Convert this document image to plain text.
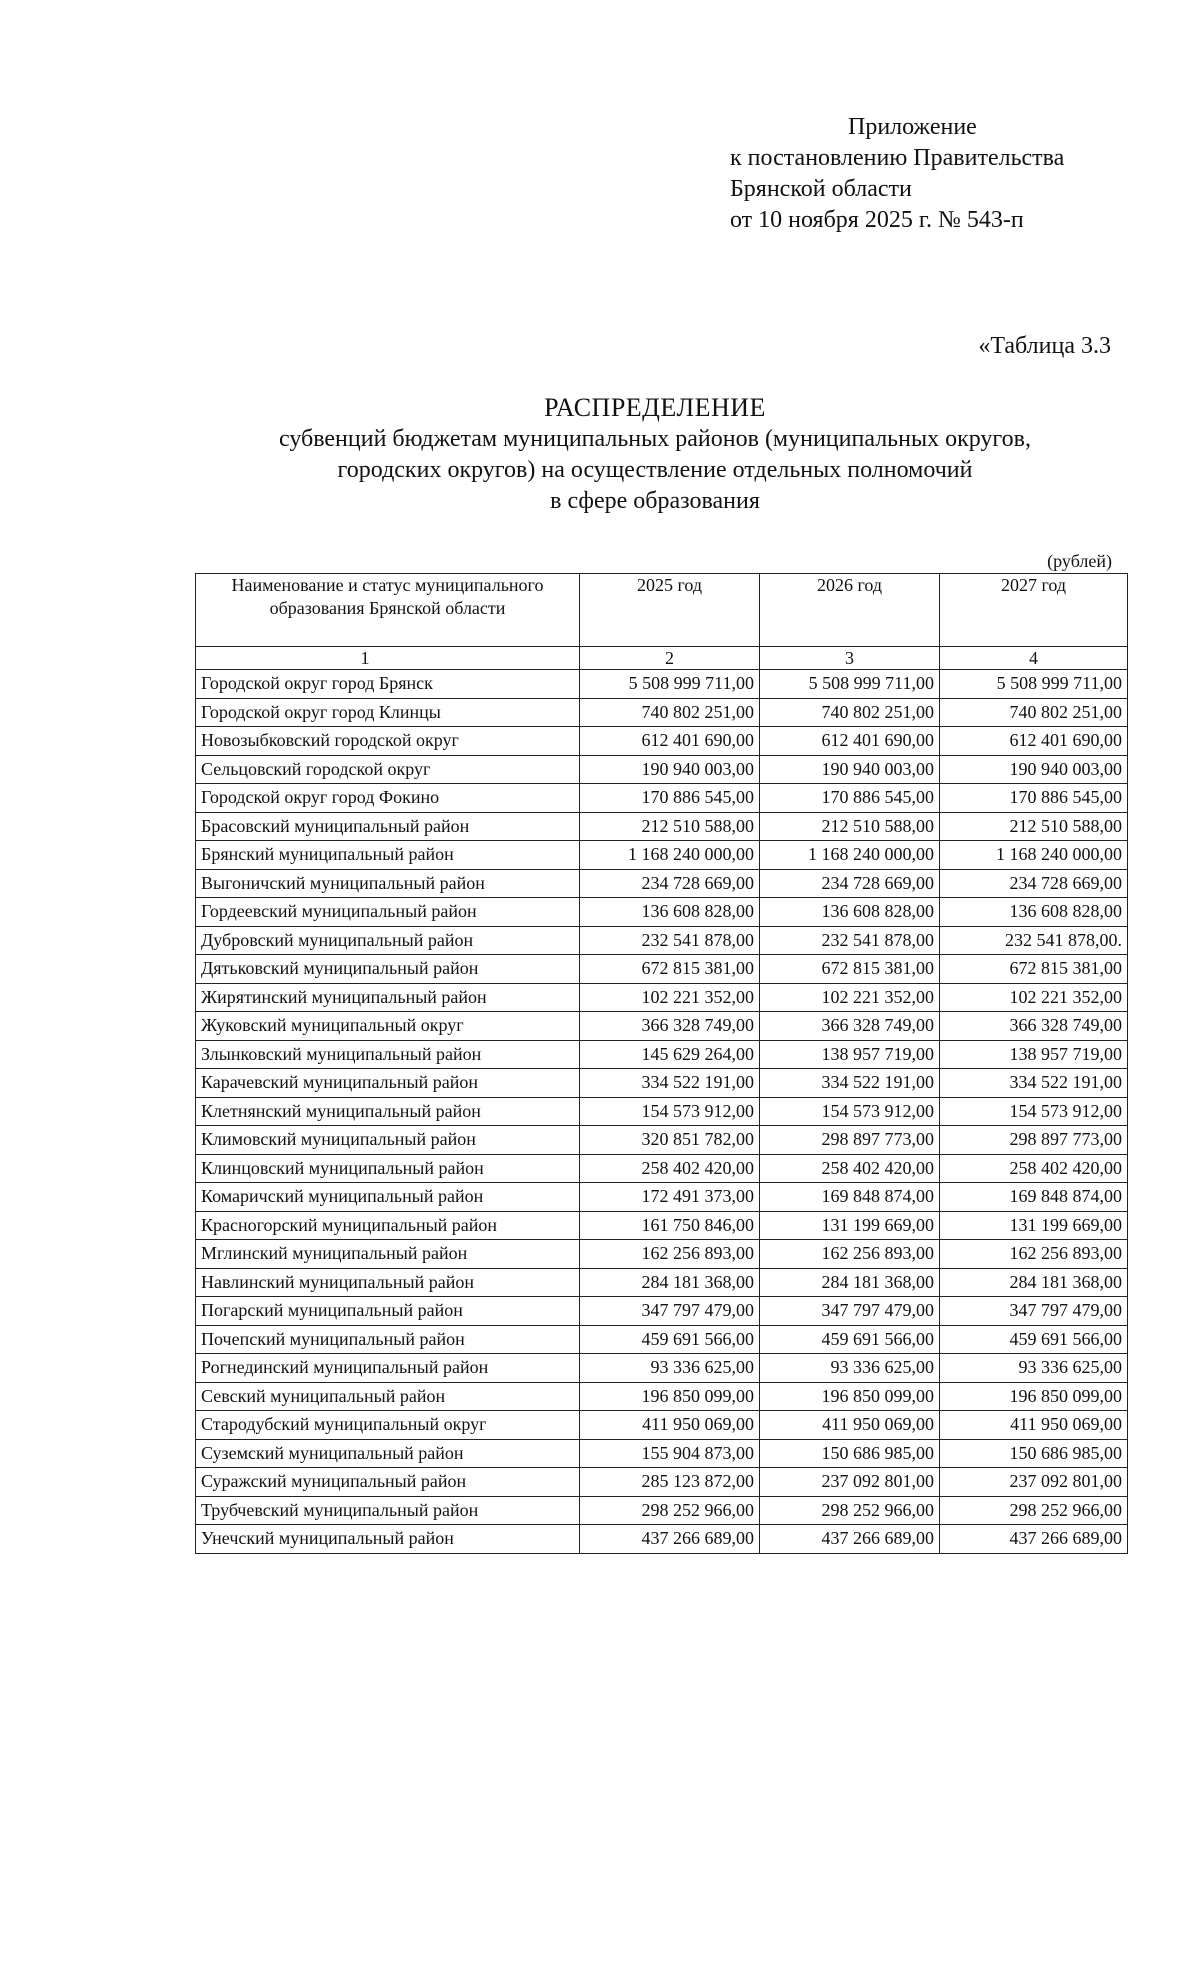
Приложение
к постановлению Правительства
Брянской области
от 10 ноября 2025 г. № 543-п
«Таблица 3.3
РАСПРЕДЕЛЕНИЕ
субвенций бюджетам муниципальных районов (муниципальных округов,
городских округов) на осуществление отдельных полномочий
в сфере образования
(рублей)
Наименование и статус муниципального образования Брянской области	2025 год	2026 год	2027 год
1	2	3	4
Городской округ город Брянск	5 508 999 711,00	5 508 999 711,00	5 508 999 711,00
Городской округ город Клинцы	740 802 251,00	740 802 251,00	740 802 251,00
Новозыбковский городской округ	612 401 690,00	612 401 690,00	612 401 690,00
Сельцовский городской округ	190 940 003,00	190 940 003,00	190 940 003,00
Городской округ город Фокино	170 886 545,00	170 886 545,00	170 886 545,00
Брасовский муниципальный район	212 510 588,00	212 510 588,00	212 510 588,00
Брянский муниципальный район	1 168 240 000,00	1 168 240 000,00	1 168 240 000,00
Выгоничский муниципальный район	234 728 669,00	234 728 669,00	234 728 669,00
Гордеевский муниципальный район	136 608 828,00	136 608 828,00	136 608 828,00
Дубровский муниципальный район	232 541 878,00	232 541 878,00	232 541 878,00.
Дятьковский муниципальный район	672 815 381,00	672 815 381,00	672 815 381,00
Жирятинский муниципальный район	102 221 352,00	102 221 352,00	102 221 352,00
Жуковский муниципальный округ	366 328 749,00	366 328 749,00	366 328 749,00
Злынковский муниципальный район	145 629 264,00	138 957 719,00	138 957 719,00
Карачевский муниципальный район	334 522 191,00	334 522 191,00	334 522 191,00
Клетнянский муниципальный район	154 573 912,00	154 573 912,00	154 573 912,00
Климовский муниципальный район	320 851 782,00	298 897 773,00	298 897 773,00
Клинцовский муниципальный район	258 402 420,00	258 402 420,00	258 402 420,00
Комаричский муниципальный район	172 491 373,00	169 848 874,00	169 848 874,00
Красногорский муниципальный район	161 750 846,00	131 199 669,00	131 199 669,00
Мглинский муниципальный район	162 256 893,00	162 256 893,00	162 256 893,00
Навлинский муниципальный район	284 181 368,00	284 181 368,00	284 181 368,00
Погарский муниципальный район	347 797 479,00	347 797 479,00	347 797 479,00
Почепский муниципальный район	459 691 566,00	459 691 566,00	459 691 566,00
Рогнединский муниципальный район	93 336 625,00	93 336 625,00	93 336 625,00
Севский муниципальный район	196 850 099,00	196 850 099,00	196 850 099,00
Стародубский муниципальный округ	411 950 069,00	411 950 069,00	411 950 069,00
Суземский муниципальный район	155 904 873,00	150 686 985,00	150 686 985,00
Суражский муниципальный район	285 123 872,00	237 092 801,00	237 092 801,00
Трубчевский муниципальный район	298 252 966,00	298 252 966,00	298 252 966,00
Унечский муниципальный район	437 266 689,00	437 266 689,00	437 266 689,00
